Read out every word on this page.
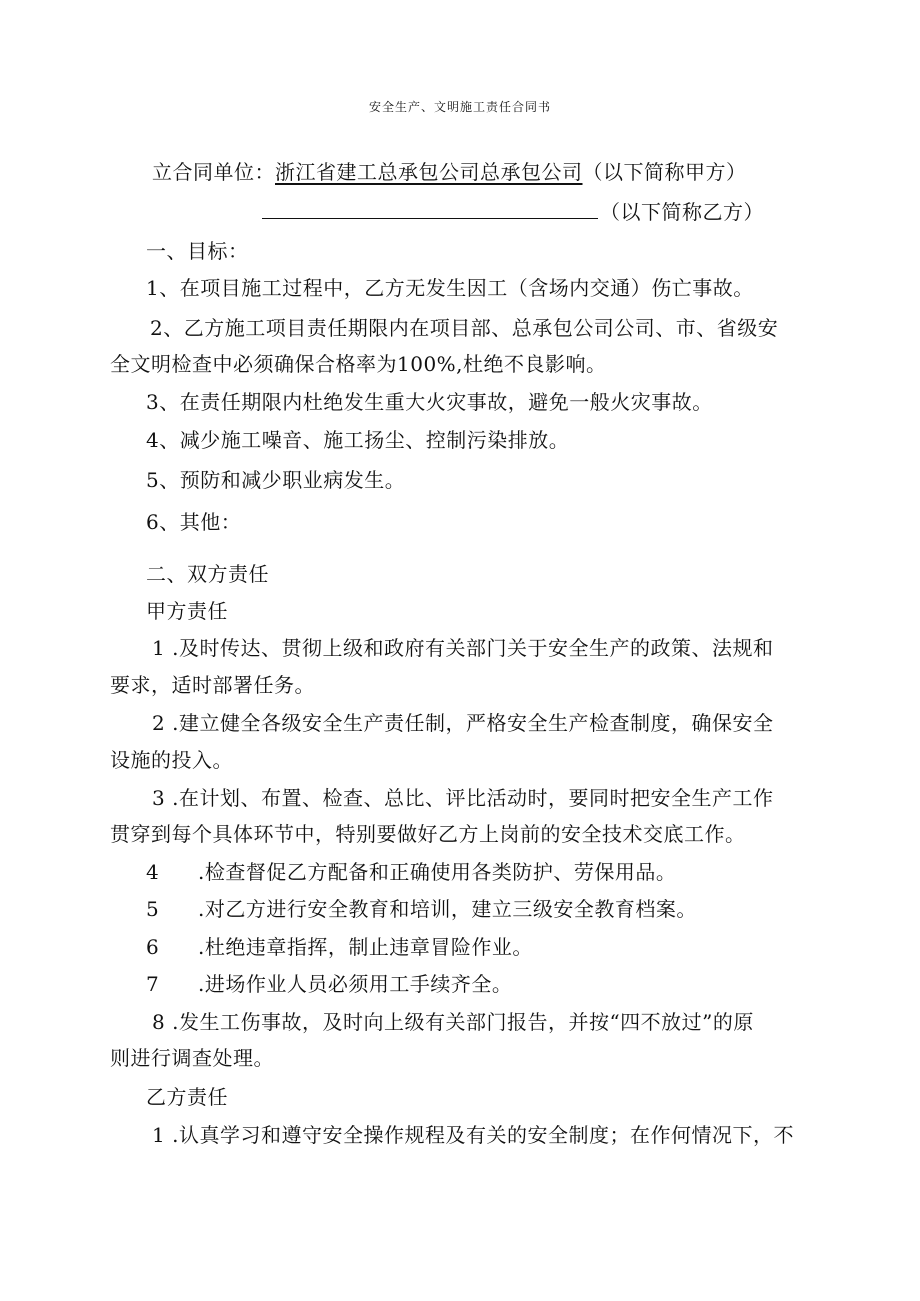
安全生产、文明施工责任合同书
立合同单位：浙江省建工总承包公司总承包公司（以下简称甲方）
（以下简称乙方）
一、目标：
1、在项目施工过程中，乙方无发生因工（含场内交通）伤亡事故。
2、乙方施工项目责任期限内在项目部、总承包公司公司、市、省级安
全文明检查中必须确保合格率为100%,杜绝不良影响。
3、在责任期限内杜绝发生重大火灾事故，避免一般火灾事故。
4、减少施工噪音、施工扬尘、控制污染排放。
5、预防和减少职业病发生。
6、其他：
二、双方责任
甲方责任
1 .及时传达、贯彻上级和政府有关部门关于安全生产的政策、法规和
要求，适时部署任务。
2 .建立健全各级安全生产责任制，严格安全生产检查制度，确保安全
设施的投入。
3 .在计划、布置、检查、总比、评比活动时，要同时把安全生产工作
贯穿到每个具体环节中，特别要做好乙方上岗前的安全技术交底工作。
4 .检查督促乙方配备和正确使用各类防护、劳保用品。
5 .对乙方进行安全教育和培训，建立三级安全教育档案。
6 .杜绝违章指挥，制止违章冒险作业。
7 .进场作业人员必须用工手续齐全。
8 .发生工伤事故，及时向上级有关部门报告，并按“四不放过”的原
则进行调查处理。
乙方责任
1 .认真学习和遵守安全操作规程及有关的安全制度；在作何情况下，不
